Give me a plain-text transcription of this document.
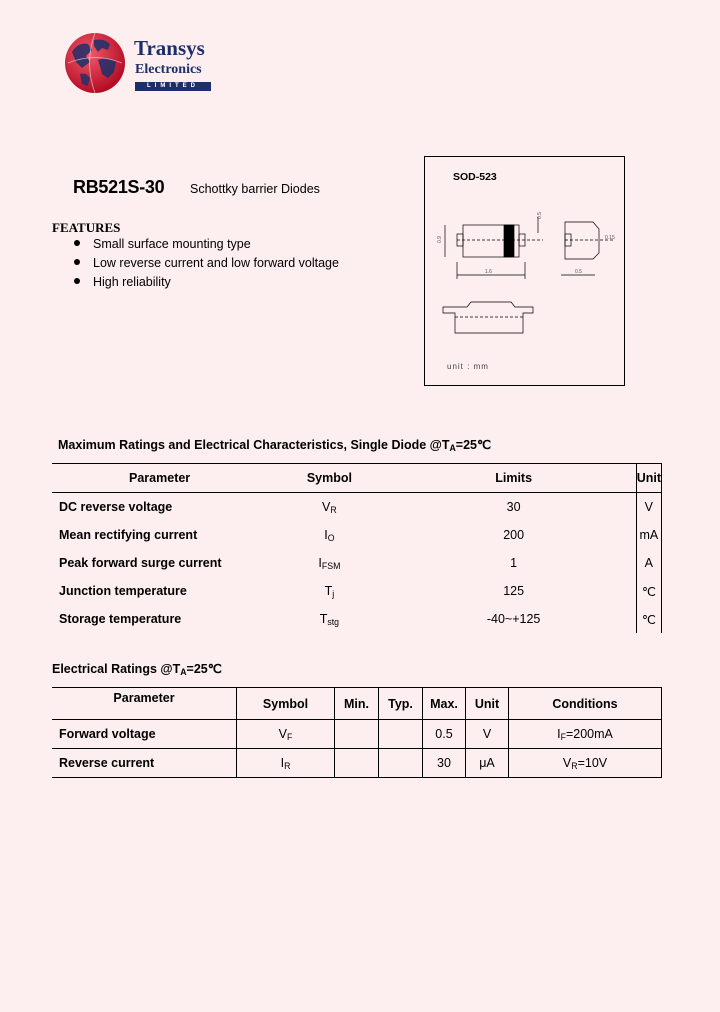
Transys
Electronics
LIMITED
RB521S-30 Schottky barrier Diodes
FEATURES
Small surface mounting type
Low reverse current and low forward voltage
High reliability
SOD-523
0.9
1.6
0.5
0.5
0.15
unit : mm
Maximum Ratings and Electrical Characteristics, Single Diode $@T_A=25℃$
Parameter	Symbol	Limits	Unit
DC reverse voltage	$V_R$	30	V
Mean rectifying current	$I_O$	200	mA
Peak forward surge current	$I_{FSM}$	1	A
Junction temperature	$T_j$	125	℃
Storage temperature	$T_{stg}$	-40~+125	℃
Electrical Ratings $@T_A=25℃$
Parameter	Symbol	Min.	Typ.	Max.	Unit	Conditions
Forward voltage	$V_F$			0.5	V	$I_F=200mA$
Reverse current	$I_R$			30	μA	$V_R=10V$
